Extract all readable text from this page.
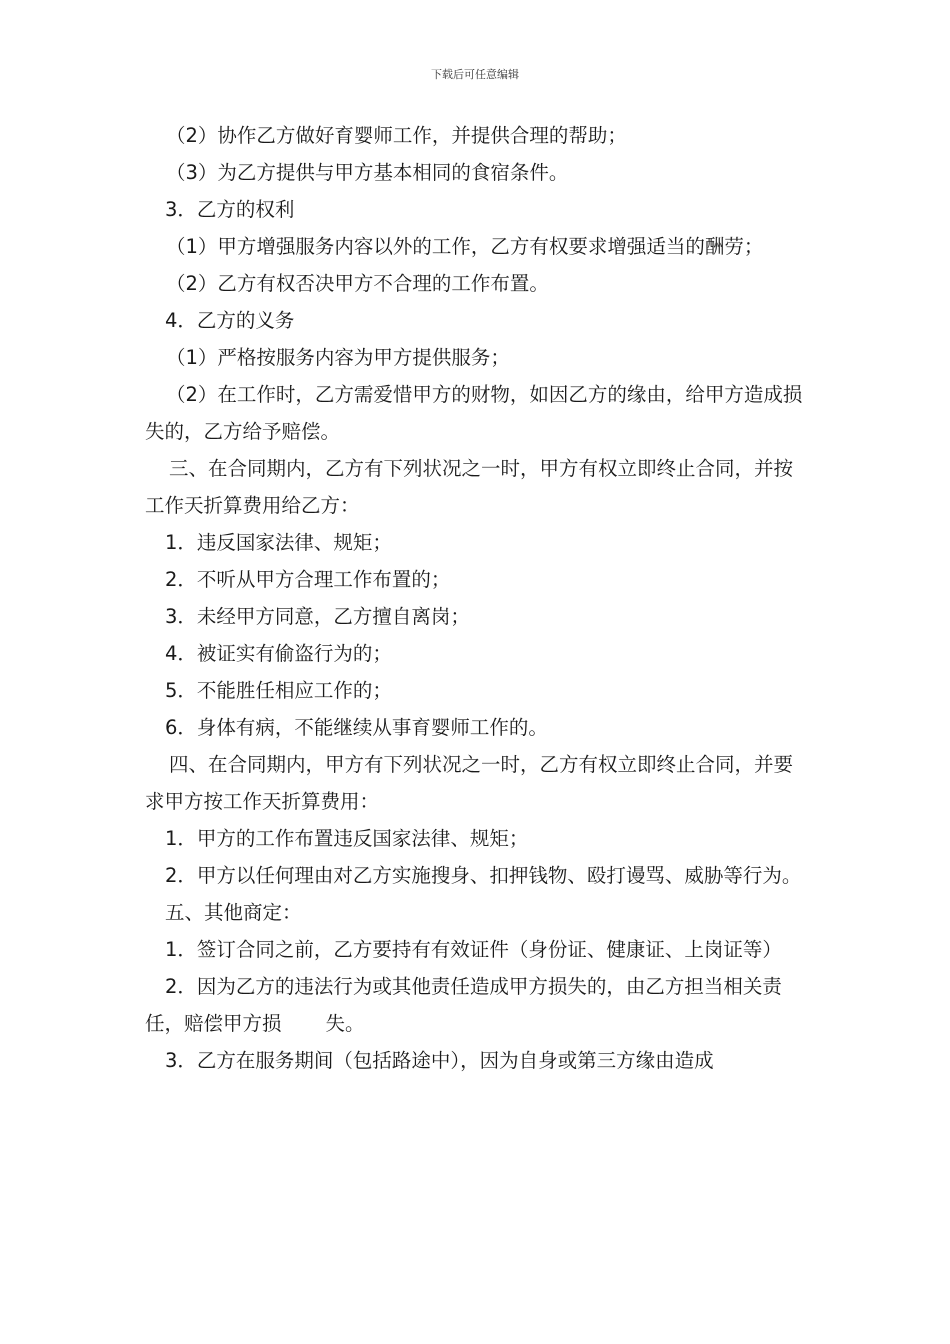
下载后可任意编辑

（2）协作乙方做好育婴师工作，并提供合理的帮助；

（3）为乙方提供与甲方基本相同的食宿条件。

3．乙方的权利

（1）甲方增强服务内容以外的工作，乙方有权要求增强适当的酬劳；

（2）乙方有权否决甲方不合理的工作布置。

4．乙方的义务

（1）严格按服务内容为甲方提供服务；

（2）在工作时，乙方需爱惜甲方的财物，如因乙方的缘由，给甲方造成损失的，乙方给予赔偿。

三、在合同期内，乙方有下列状况之一时，甲方有权立即终止合同，并按工作天折算费用给乙方：

1．违反国家法律、规矩；

2．不听从甲方合理工作布置的；

3．未经甲方同意，乙方擅自离岗；

4．被证实有偷盗行为的；

5．不能胜任相应工作的；

6．身体有病，不能继续从事育婴师工作的。

四、在合同期内，甲方有下列状况之一时，乙方有权立即终止合同，并要求甲方按工作天折算费用：

1．甲方的工作布置违反国家法律、规矩；

2．甲方以任何理由对乙方实施搜身、扣押钱物、殴打谩骂、威胁等行为。

五、其他商定：

1．签订合同之前，乙方要持有有效证件（身份证、健康证、上岗证等）

2．因为乙方的违法行为或其他责任造成甲方损失的，由乙方担当相关责任，赔偿甲方损 失。

3．乙方在服务期间（包括路途中），因为自身或第三方缘由造成
